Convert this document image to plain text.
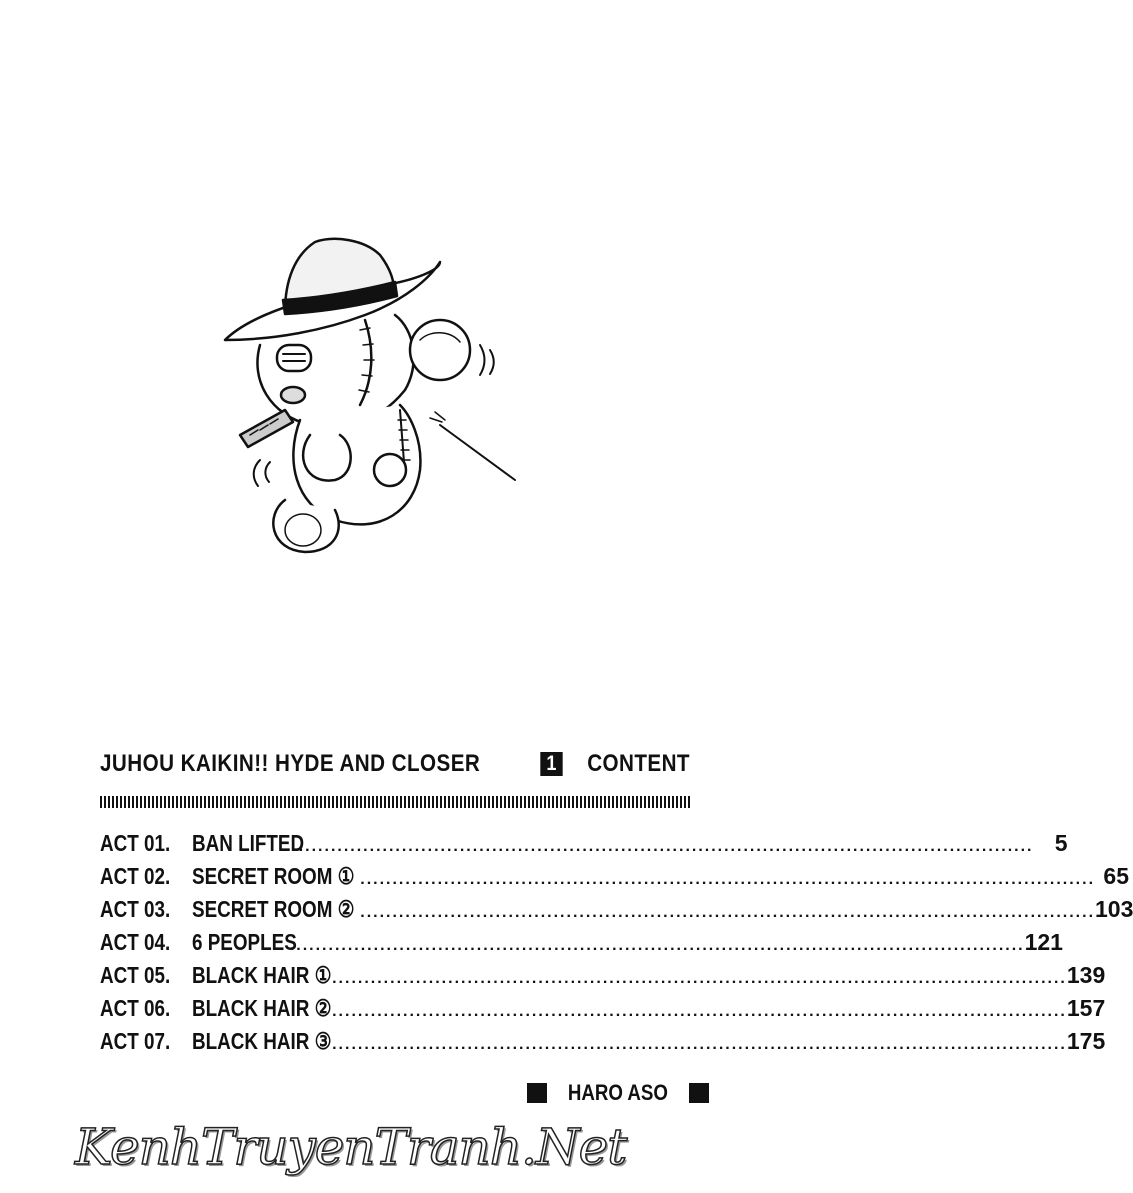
JUHOU KAIKIN!! HYDE AND CLOSER	1 CONTENT
ACT 01. BAN LIFTED
.................................................................................................................. 5
ACT 02. SECRET ROOM ① .................................................................................................................. 65
ACT 03. SECRET ROOM ② .................................................................................................................. 103
ACT 04. 6 PEOPLES
.................................................................................................................. 121
ACT 05. BLACK HAIR ① .................................................................................................................. 139
ACT 06. BLACK HAIR ② .................................................................................................................. 157
ACT 07. BLACK HAIR ③ .................................................................................................................. 175
HARO ASO
KenhTruyenTranh.Net
